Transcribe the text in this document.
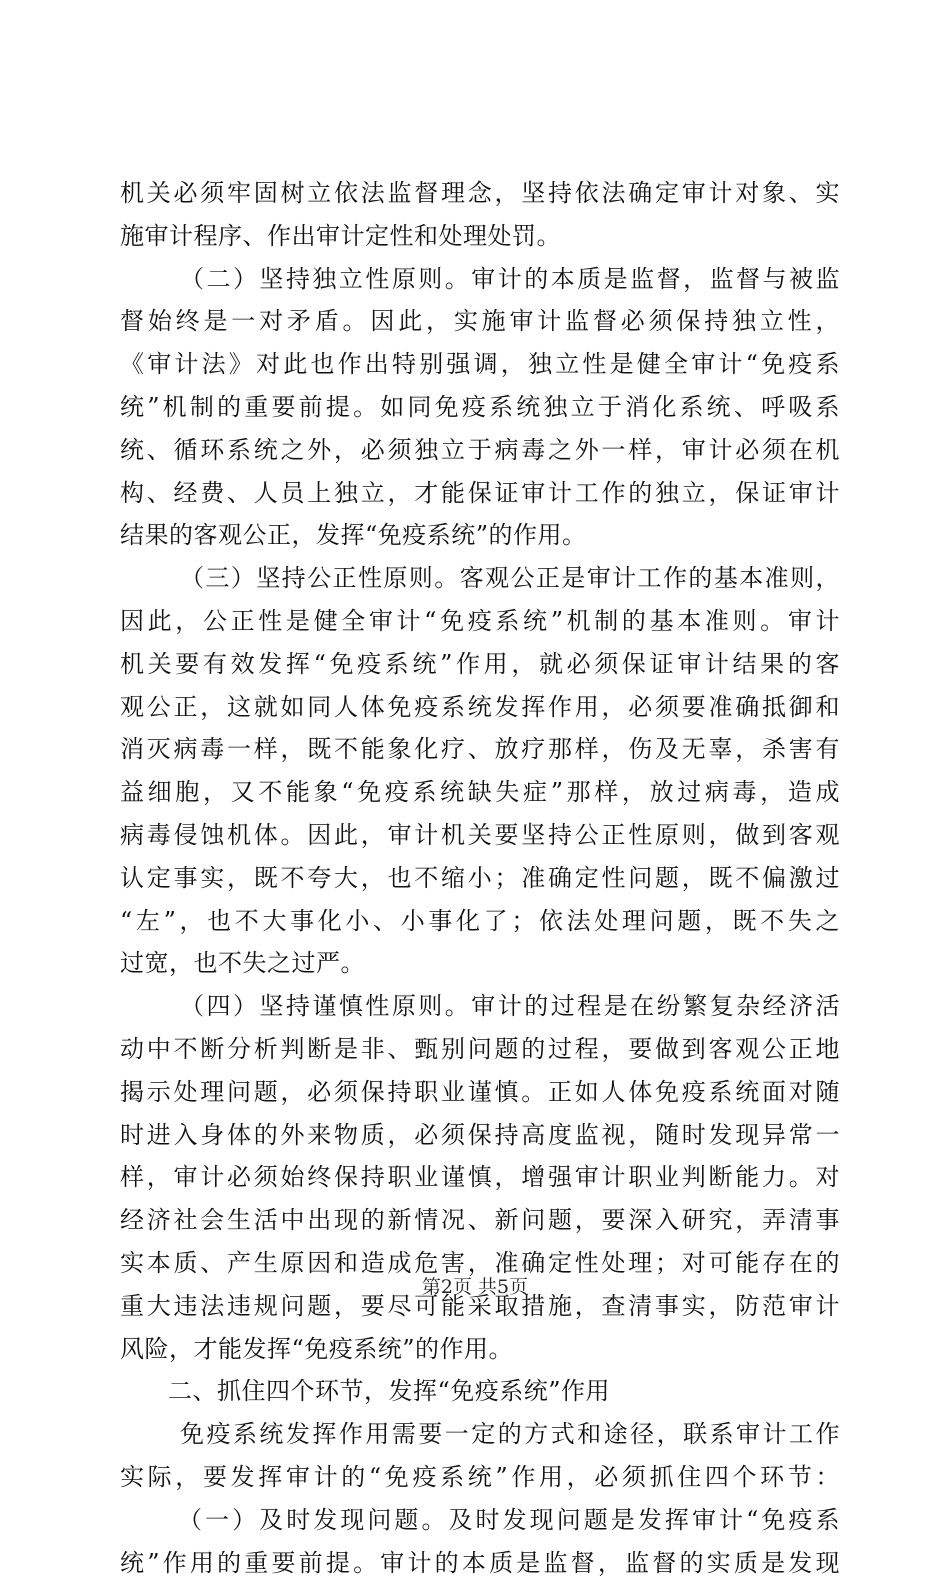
机关必须牢固树立依法监督理念，坚持依法确定审计对象、实
施审计程序、作出审计定性和处理处罚。
（二）坚持独立性原则。审计的本质是监督，监督与被监
督始终是一对矛盾。因此，实施审计监督必须保持独立性，
《审计法》对此也作出特别强调，独立性是健全审计“免疫系
统”机制的重要前提。如同免疫系统独立于消化系统、呼吸系
统、循环系统之外，必须独立于病毒之外一样，审计必须在机
构、经费、人员上独立，才能保证审计工作的独立，保证审计
结果的客观公正，发挥“免疫系统”的作用。
（三）坚持公正性原则。客观公正是审计工作的基本准则，
因此，公正性是健全审计“免疫系统”机制的基本准则。审计
机关要有效发挥“免疫系统”作用，就必须保证审计结果的客
观公正，这就如同人体免疫系统发挥作用，必须要准确抵御和
消灭病毒一样，既不能象化疗、放疗那样，伤及无辜，杀害有
益细胞，又不能象“免疫系统缺失症”那样，放过病毒，造成
病毒侵蚀机体。因此，审计机关要坚持公正性原则，做到客观
认定事实，既不夸大，也不缩小；准确定性问题，既不偏激过
“左”，也不大事化小、小事化了；依法处理问题，既不失之
过宽，也不失之过严。
（四）坚持谨慎性原则。审计的过程是在纷繁复杂经济活
动中不断分析判断是非、甄别问题的过程，要做到客观公正地
揭示处理问题，必须保持职业谨慎。正如人体免疫系统面对随
时进入身体的外来物质，必须保持高度监视，随时发现异常一
样，审计必须始终保持职业谨慎，增强审计职业判断能力。对
经济社会生活中出现的新情况、新问题，要深入研究，弄清事
实本质、产生原因和造成危害，准确定性处理；对可能存在的
重大违法违规问题，要尽可能采取措施，查清事实，防范审计
风险，才能发挥“免疫系统”的作用。
二、抓住四个环节，发挥“免疫系统”作用
免疫系统发挥作用需要一定的方式和途径，联系审计工作
实际，要发挥审计的“免疫系统”作用，必须抓住四个环节：
（一）及时发现问题。及时发现问题是发挥审计“免疫系
统”作用的重要前提。审计的本质是监督，监督的实质是发现
第2页 共5页
